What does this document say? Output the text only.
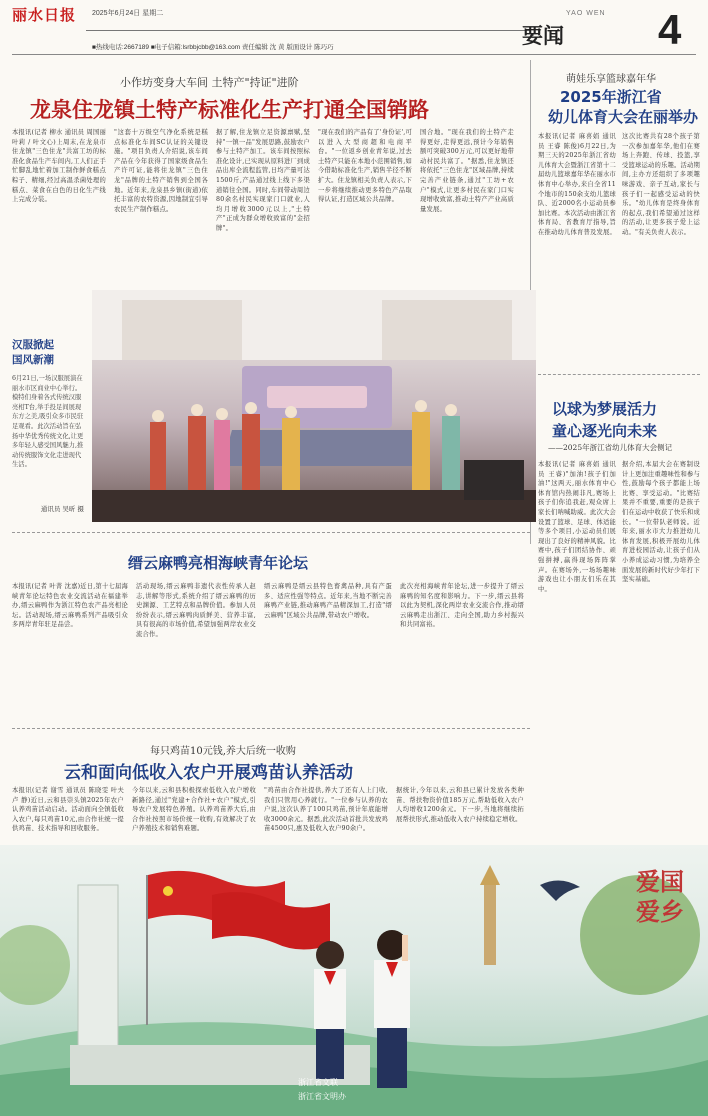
丽水日报 2025年6月24日 星期二
■热线电话:2667189 ■电子信箱:lsrbbjcbb@163.com 责任编辑 沈 黄 版面设计 陈巧巧
YAO WEN
要闻 4
小作坊变身大车间 土特产"持证"进阶
龙泉住龙镇土特产标准化生产打通全国销路
本报讯(记者 柳水 通讯员 周国丽 叶莉 / 叶文心)上周末,在龙泉市住龙镇"三色住龙"共富工坊的标准化食品生产车间内,工人们正手忙脚乱地忙着加工制作鲜食糕点粽子、精细,经过高温杀菌处理的糕点、菜食在白色的日化生产线上完成分装。
"这套十万级空气净化系统是糕点标准化车间SC认证的关键设施。"项目负责人介绍说,该车间产品在今年获得了国家级食品生产许可证,能将住龙镇"三色住龙"品牌的土特产销售到全国各地。近年来,龙泉县乡镇(街道)依托丰富的农特资源,因地制宜引导农民生产制作糕点。
据了解,住龙镇立足资源禀赋,坚持"一镇一品"发展思路,鼓励农户参与土特产加工。该车间按照标准化设计,已实现从原料进厂到成品出库全流程监管,日均产量可达1500斤,产品通过线上线下多渠道销往全国。同时,车间带动周边80余名村民实现家门口就业,人均月增收3000元以上,"土特产"正成为群众增收致富的"金招牌"。
"现在我们的产品有了'身份证',可以进入大型商超和电商平台。"一位返乡创业青年说,过去土特产只能在本地小范围销售,如今借助标准化生产,销售半径不断扩大。住龙镇相关负责人表示,下一步将继续推动更多特色产品取得认证,打造区域公共品牌。
国合地。"现在我们的土特产走得更好,走得更远,预计今年销售额可突破300万元,可以更好地带动村民共富了。"据悉,住龙镇还将依托"三色住龙"区域品牌,持续完善产业链条,通过"工坊+农户"模式,让更多村民在家门口实现增收致富,推动土特产产业高质量发展。
汉服掀起
国风新潮
6月21日,一场汉服展演在丽水市区商业中心举行。模特们身着各式传统汉服亮相T台,举手投足间展现东方之美,吸引众多市民驻足观看。此次活动旨在弘扬中华优秀传统文化,让更多年轻人感受国风魅力,推动传统服饰文化走进现代生活。
通讯员 吴昕 摄
缙云麻鸭亮相海峡青年论坛
本报讯(记者 叶菁 沈嘉)近日,第十七届海峡青年论坛特色农业交流活动在福建举办,缙云麻鸭作为浙江特色农产品亮相论坛。活动现场,缙云麻鸭系列产品吸引众多两岸青年驻足品尝。
活动现场,缙云麻鸭非遗代表性传承人赵志,讲解等形式,系统介绍了缙云麻鸭的历史渊源、工艺特点和品牌价值。参加人员纷纷表示,缙云麻鸭肉质鲜美、营养丰富,具有很高的市场价值,希望加强两岸农业交流合作。
缙云麻鸭是缙云县特色畜禽品种,具有产蛋多、适应性强等特点。近年来,当地不断完善麻鸭产业链,推动麻鸭产品精深加工,打造"缙云麻鸭"区域公共品牌,带动农户增收。
此次亮相海峡青年论坛,进一步提升了缙云麻鸭的知名度和影响力。下一步,缙云县将以此为契机,深化两岸农业交流合作,推动缙云麻鸭走出浙江、走向全国,助力乡村振兴和共同富裕。
每只鸡苗10元钱,养大后统一收购
云和面向低收入农户开展鸡苗认养活动
本报讯(记者 谢雪 通讯员 陈晓雯 叶夫 卢 静)近日,云和县崇头镇2025年农户认养鸡苗活动启动。活动面向全镇低收入农户,每只鸡苗10元,由合作社统一提供鸡苗、技术指导和回收服务。
今年以来,云和县积极探索低收入农户增收新路径,通过"党建+合作社+农户"模式,引导农户发展特色养殖。认养鸡苗养大后,由合作社按照市场价统一收购,有效解决了农户养殖技术和销售难题。
"鸡苗由合作社提供,养大了还有人上门收,我们只管用心养就行。"一位参与认养的农户说,这次认养了100只鸡苗,预计年底能增收3000余元。据悉,此次活动首批共发放鸡苗4500只,惠及低收入农户90余户。
据统计,今年以来,云和县已累计发放各类种苗、帮扶物资价值185万元,帮助低收入农户人均增收1200余元。下一步,当地将继续拓展帮扶形式,推动低收入农户持续稳定增收。
萌娃乐享篮球嘉年华
2025年浙江省
幼儿体育大会在丽举办
本报讯(记者 麻喜娟 通讯员 王睿 陈俊)6月22日,为期三天的2025年浙江省幼儿体育大会暨浙江省第十二届幼儿篮球嘉年华在丽水市体育中心举办,来自全省11个地市的150余支幼儿篮球队、近2000名小运动员参加比赛。本次活动由浙江省体育局、省教育厅指导,旨在推动幼儿体育普及发展。
这次比赛共有28个孩子第一次参加嘉年华,他们在赛场上奔跑、传球、投篮,享受篮球运动的乐趣。活动期间,主办方还组织了多项趣味游戏、亲子互动,家长与孩子们一起感受运动的快乐。"幼儿体育是终身体育的起点,我们希望通过这样的活动,让更多孩子爱上运动。"有关负责人表示。
以球为梦展活力
童心逐光向未来
——2025年浙江省幼儿体育大会侧记
本报讯(记者 麻喜娟 通讯员 王睿)"加油!孩子们加油!"这两天,丽水体育中心体育馆内热闹非凡,赛场上孩子们你追我赶,观众席上家长们呐喊助威。此次大会设置了篮球、足球、体适能等多个项目,小运动员们展现出了良好的精神风貌。比赛中,孩子们团结协作、顽强拼搏,赢得现场阵阵掌声。在赛场外,一场场趣味游戏也让小朋友们乐在其中。
据介绍,本届大会在赛制设计上更加注重趣味性和参与性,鼓励每个孩子都能上场比赛、享受运动。"比赛结果并不重要,重要的是孩子们在运动中收获了快乐和成长。"一位带队老师说。近年来,丽水市大力推进幼儿体育发展,积极开展幼儿体育进校园活动,让孩子们从小养成运动习惯,为培养全面发展的新时代好少年打下坚实基础。
爱国
爱乡
浙江省文联
浙江省文明办
